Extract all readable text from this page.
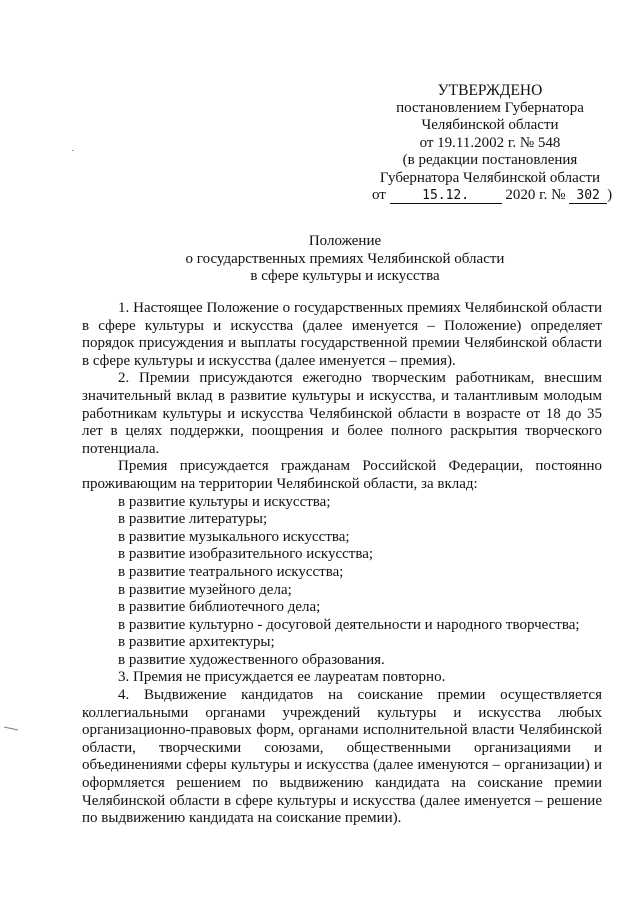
УТВЕРЖДЕНО
постановлением Губернатора
Челябинской области
от 19.11.2002 г. № 548
(в редакции постановления
Губернатора Челябинской области
от	15.12. 2020 г. № 302 )
Положение
о государственных премиях Челябинской области
в сфере культуры и искусства

1. Настоящее Положение о государственных премиях Челябинской области в сфере культуры и искусства (далее именуется – Положение) определяет порядок присуждения и выплаты государственной премии Челябинской области в сфере культуры и искусства (далее именуется – премия).

2. Премии присуждаются ежегодно творческим работникам, внесшим значительный вклад в развитие культуры и искусства, и талантливым молодым работникам культуры и искусства Челябинской области в возрасте от 18 до 35 лет в целях поддержки, поощрения и более полного раскрытия творческого потенциала.

Премия присуждается гражданам Российской Федерации, постоянно проживающим на территории Челябинской области, за вклад:

в развитие культуры и искусства;

в развитие литературы;

в развитие музыкального искусства;

в развитие изобразительного искусства;

в развитие театрального искусства;

в развитие музейного дела;

в развитие библиотечного дела;

в развитие культурно - досуговой деятельности и народного творчества;

в развитие архитектуры;

в развитие художественного образования.

3. Премия не присуждается ее лауреатам повторно.

4. Выдвижение кандидатов на соискание премии осуществляется коллегиальными органами учреждений культуры и искусства любых организационно-правовых форм, органами исполнительной власти Челябинской области, творческими союзами, общественными организациями и объединениями сферы культуры и искусства (далее именуются – организации) и оформляется решением по выдвижению кандидата на соискание премии Челябинской области в сфере культуры и искусства (далее именуется – решение по выдвижению кандидата на соискание премии).
